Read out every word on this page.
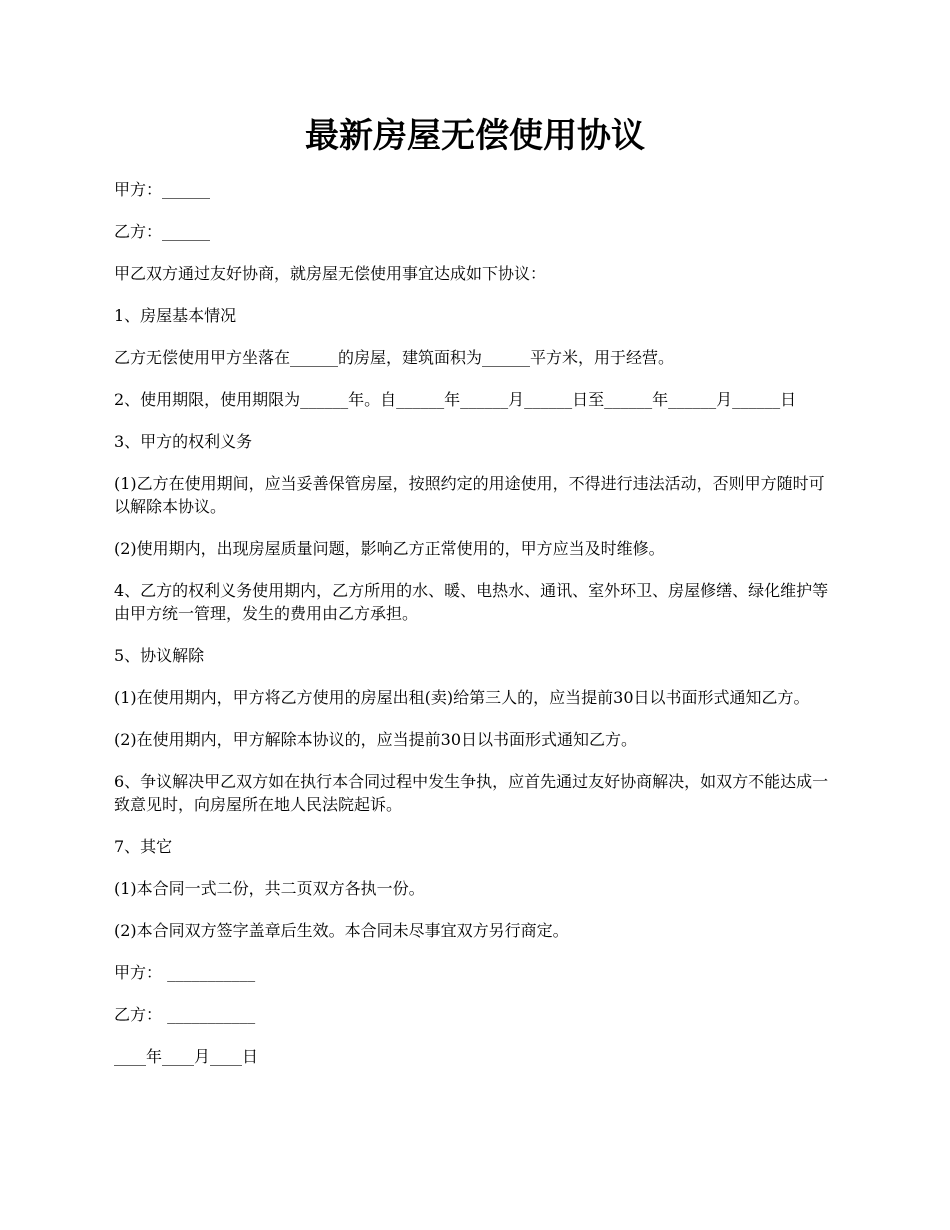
最新房屋无偿使用协议

甲方：______

乙方：______

甲乙双方通过友好协商，就房屋无偿使用事宜达成如下协议：

1、房屋基本情况

乙方无偿使用甲方坐落在______的房屋，建筑面积为______平方米，用于经营。

2、使用期限，使用期限为______年。自______年______月______日至______年______月______日

3、甲方的权利义务

(1)乙方在使用期间，应当妥善保管房屋，按照约定的用途使用，不得进行违法活动，否则甲方随时可以解除本协议。

(2)使用期内，出现房屋质量问题，影响乙方正常使用的，甲方应当及时维修。

4、乙方的权利义务使用期内，乙方所用的水、暖、电热水、通讯、室外环卫、房屋修缮、绿化维护等由甲方统一管理，发生的费用由乙方承担。

5、协议解除

(1)在使用期内，甲方将乙方使用的房屋出租(卖)给第三人的，应当提前30日以书面形式通知乙方。

(2)在使用期内，甲方解除本协议的，应当提前30日以书面形式通知乙方。

6、争议解决甲乙双方如在执行本合同过程中发生争执，应首先通过友好协商解决，如双方不能达成一致意见时，向房屋所在地人民法院起诉。

7、其它

(1)本合同一式二份，共二页双方各执一份。

(2)本合同双方签字盖章后生效。本合同未尽事宜双方另行商定。

甲方： ___________

乙方： ___________

____年____月____日
